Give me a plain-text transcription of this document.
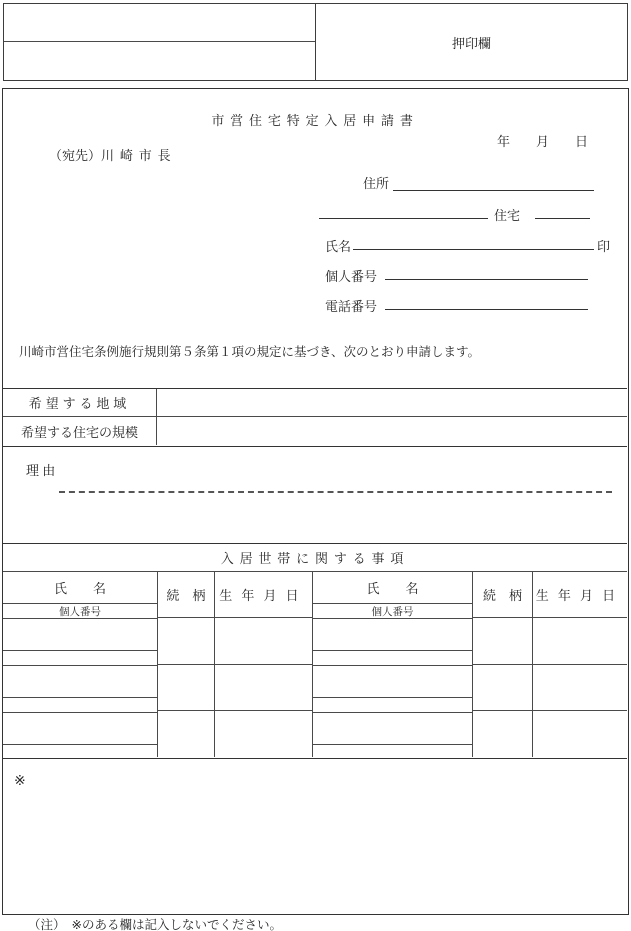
押印欄
市営住宅特定入居申請書
年　　月　　日
（宛先）川崎市長
住所
住宅
氏名	印
個人番号
電話番号
川崎市営住宅条例施行規則第５条第１項の規定に基づき、次のとおり申請します。
希望する地域
希望する住宅の規模
理 由
入居世帯に関する事項
氏　　名
個人番号
続　柄 生年月日	氏　　名
個人番号
続　柄 生年月日
※
（注） ※のある欄は記入しないでください。
